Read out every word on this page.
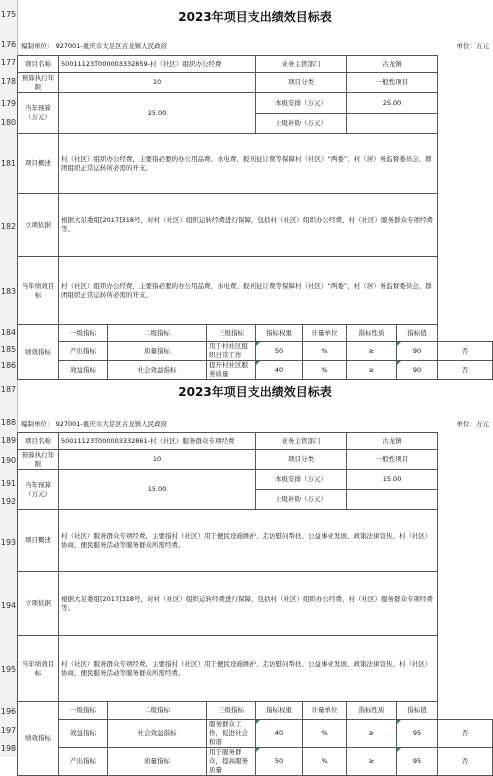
175
176
177
178
179
180
181
182
183
184
185
186
187
188
189
190
191
192
193
194
195
196
197
198
2023年项目支出绩效目标表
编制单位： 927001-重庆市大足区古龙镇人民政府	单位：万元
项目名称	50011123T000003332859-村（社区）组织办公经费			业务主管部门		古龙镇		
预算执行年限	10			项目分类		一般性项目		
当年预算（万元）	25.00			本级安排（万元）		25.00		
				上级补助（万元）				
项目概述	村（社区）组织办公经费，主要指必要的办公用品费、水电费、报刊征订费等保障村（社区）“两委”、村（居）务监督委员会、群团组织正常运转所必需的开支。							
立项依据	根据大足委组[2017]318号，对村（社区）组织运转经费进行保障，包括村（社区）组织办公经费、村（社区）服务群众专项经费等。							
当年绩效目标	村（社区）组织办公经费，主要指必要的办公用品费、水电费、报刊征订费等保障村（社区）“两委”、村（居）务监督委员会、群团组织正常运转所必需的开支。							
绩效指标	一级指标	二级指标	三级指标	指标权重	计量单位	指标性质	指标值	
	产出指标	质量指标	用于村社区组织日常工作	50	%	≥	90	否
	效益指标	社会效益指标	提升村社区服务质量	40	%	≥	90	否
2023年项目支出绩效目标表
编制单位： 927001-重庆市大足区古龙镇人民政府	单位：万元
项目名称	50011123T000003332861-村（社区）服务群众专项经费			业务主管部门		古龙镇		
预算执行年限	10			项目分类		一般性项目		
当年预算（万元）	15.00			本级安排（万元）		15.00		
				上级补助（万元）				
项目概述	村（社区）服务群众专项经费，主要指村（社区）用于便民设施维护、走访慰问帮扶、公益事业发展、政策法律宣传、村（社区）协商、便民服务活动等服务群众所需经费。							
立项依据	根据大足委组[2017]318号，对村（社区）组织运转经费进行保障，包括村（社区）组织办公经费、村（社区）服务群众专项经费等。							
当年绩效目标	村（社区）服务群众专项经费，主要指村（社区）用于便民设施维护、走访慰问帮扶、公益事业发展、政策法律宣传、村（社区）协商、便民服务活动等服务群众所需经费。							
绩效指标	一级指标	二级指标	三级指标	指标权重	计量单位	指标性质	指标值	
	效益指标	社会效益指标	服务群众工作，促进社会和谐	40	%	≥	95	否
	产出指标	质量指标	用于服务群众，提高服务质量	50	%	≥	95	否
